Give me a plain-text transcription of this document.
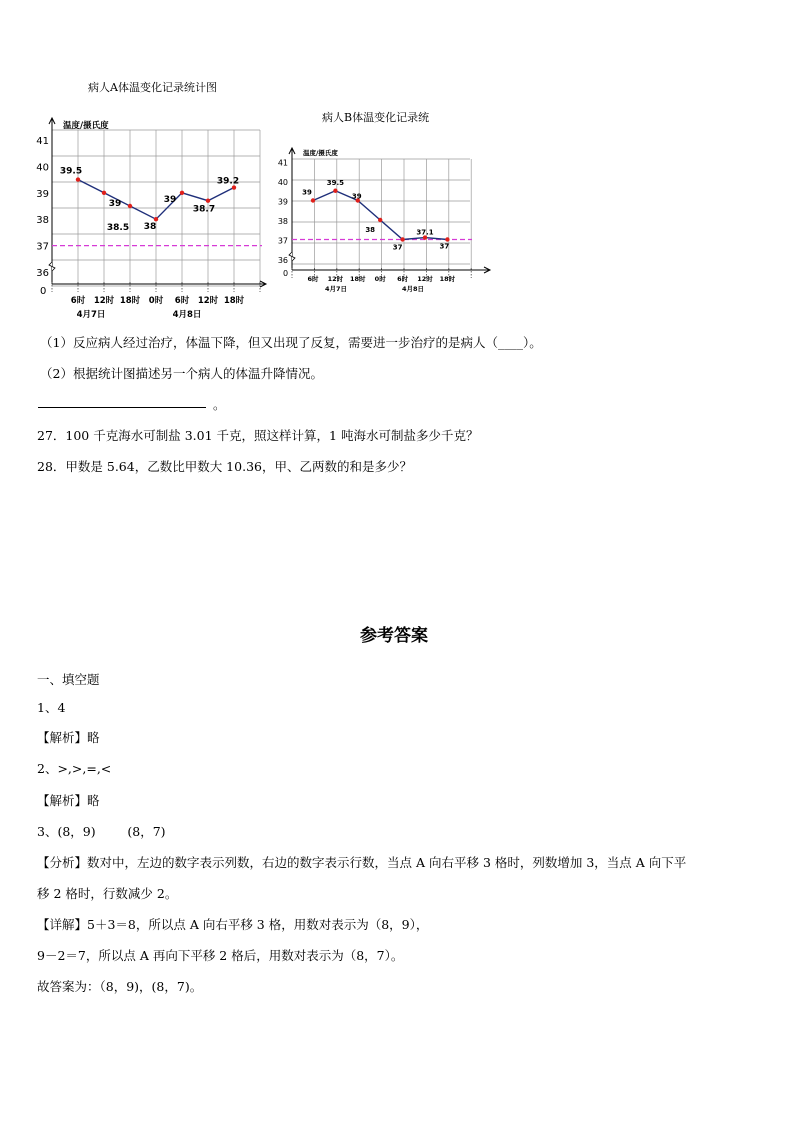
病人A体温变化记录统计图
温度/摄氏度
36
37
38
39
40
41
0
39.5
39
38.5 38
39
38.7
39.2
6时 12时 18时 0时 6时 12时 18时
4月7日	4月8日
病人B体温变化记录统
温度/摄氏度
36
37
38
39
40
41
0
39
39.5
39
38
37
37.1
37
6时 12时 18时 0时 6时 12时 18时
4月7日	4月8日
（1）反应病人经过治疗，体温下降，但又出现了反复，需要进一步治疗的是病人（____）。
（2）根据统计图描述另一个病人的体温升降情况。
。
27．100 千克海水可制盐 3.01 千克，照这样计算，1 吨海水可制盐多少千克？
28．甲数是 5.64，乙数比甲数大 10.36，甲、乙两数的和是多少？
参考答案
一、填空题
1、4
【解析】略
2、>,>,=,<
【解析】略
3、(8，9)        (8，7)
【分析】数对中，左边的数字表示列数，右边的数字表示行数，当点 A 向右平移 3 格时，列数增加 3，当点 A 向下平
移 2 格时，行数减少 2。
【详解】5＋3＝8，所以点 A 向右平移 3 格，用数对表示为（8，9），
9－2＝7，所以点 A 再向下平移 2 格后，用数对表示为（8，7）。
故答案为：（8，9)，(8，7)。
